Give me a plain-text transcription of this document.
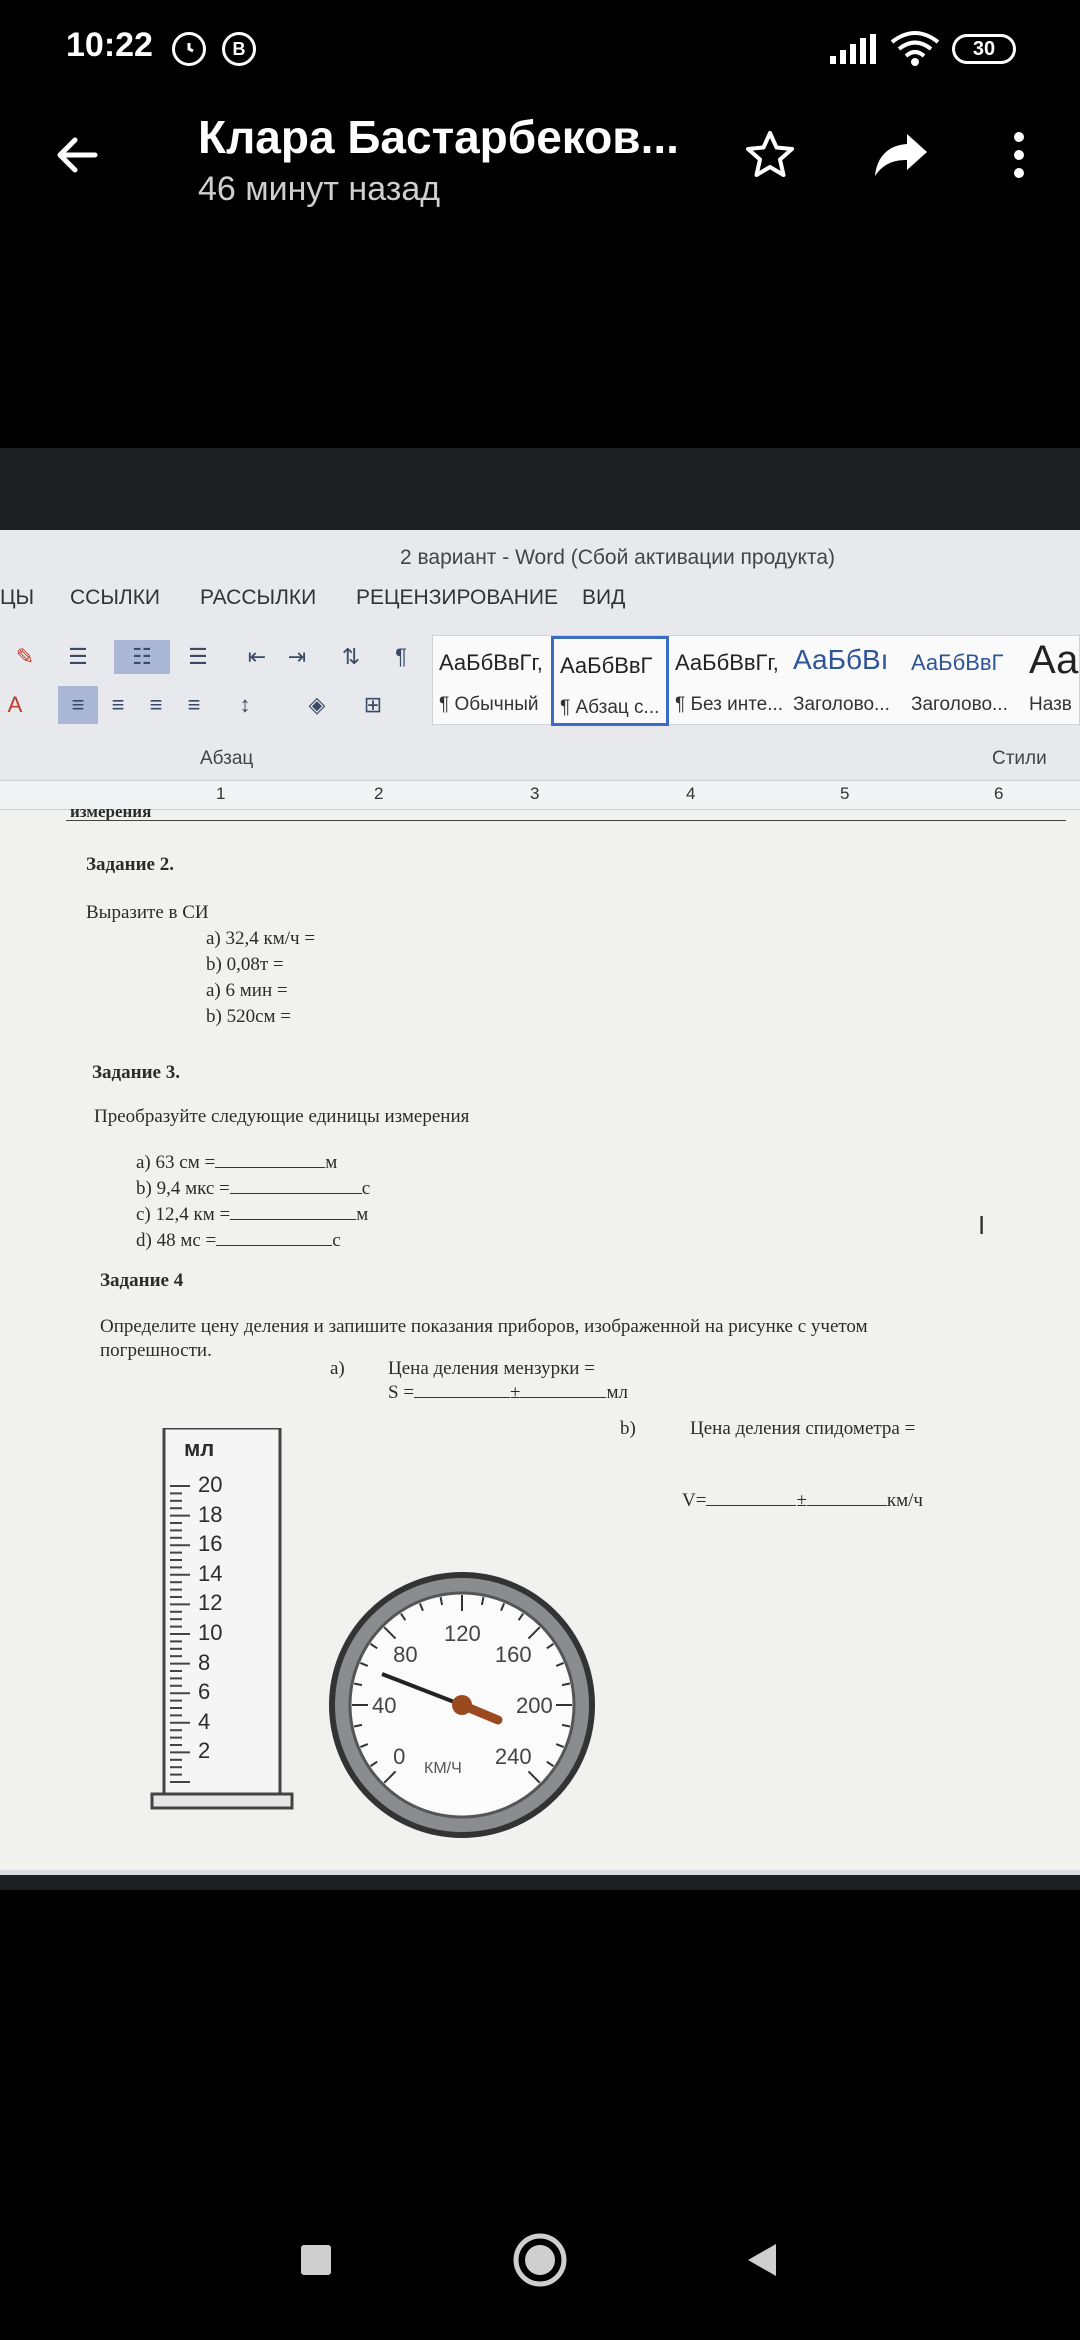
10:22	B	30
Клара Бастарбеков...
46 минут назад
2 вариант - Word (Сбой активации продукта)
ЦЫ ССЫЛКИ РАССЫЛКИ РЕЦЕНЗИРОВАНИЕ ВИД
✎	☰	☷	☰	⇤ ⇥	⇅	¶
A	≡	≡	≡	≡	↕	◈	⊞
АаБбВвГг,
¶ Обычный
АаБбВвГ
¶ Абзац с...
АаБбВвГг,
¶ Без инте...
АаБбВı
Заголово...
АаБбВвГ
Заголово...
Аа
Назв
Абзац	Стили
1	2	3	4	5	6
измерения
Задание 2.
Выразите в СИ
а) 32,4 км/ч =
b) 0,08т =
а) 6 мин =
b) 520см =
Задание 3.
Преобразуйте следующие единицы измерения
a) 63 см =	м
b) 9,4 мкс =	с
c) 12,4 км =	м
d) 48 мс =	с
Задание 4
Определите цену деления и запишите показания приборов, изображенной на рисунке с учетом
погрешности.
а) Цена деления мензурки =
S =	±	мл
b)	Цена деления спидометра =
V=	±	км/ч
мл
20
18
16
14
12
10
8
6
4
2	0
40
80
120
160
200
240
КМ/Ч
I
